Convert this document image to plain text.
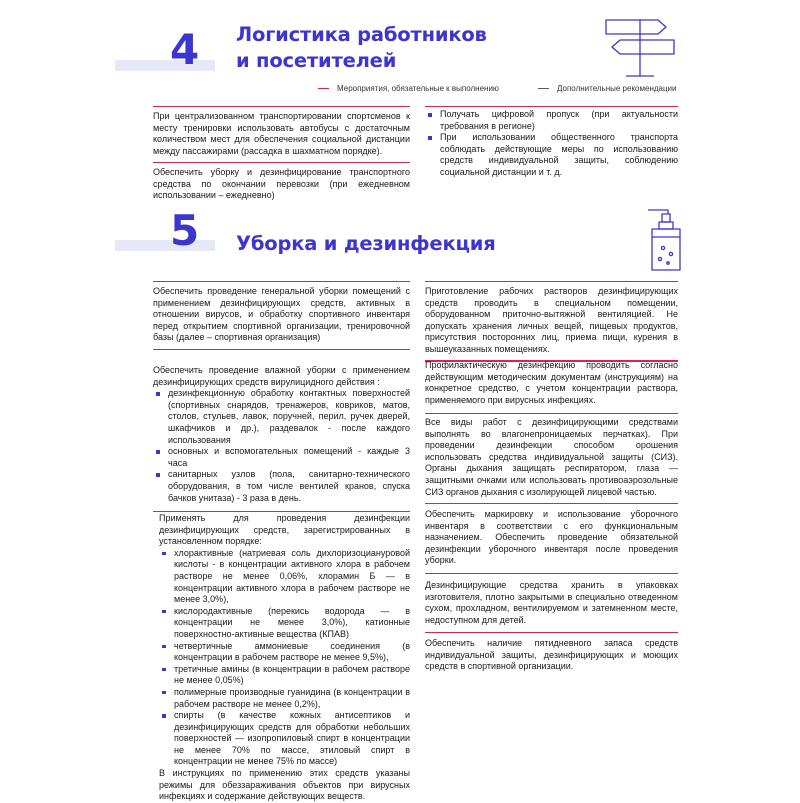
4 Логистика работников
и посетителей
Мероприятия, обязательные к выполнению	Дополнительные рекомендации

При централизованном транспортировании спортсменов к месту тренировки использовать автобусы с достаточным количеством мест для обеспечения социальной дистанции между пассажирами (рассадка в шахматном порядке).

Обеспечить уборку и дезинфицирование транспортного средства по окончании перевозки (при ежедневном использовании – ежедневно)

Получать цифровой пропуск (при актуальности требования в регионе)
При использовании общественного транспорта соблюдать действующие меры по использованию средств индивидуальной защиты, соблюдению социальной дистанции и т. д.
5 Уборка и дезинфекция

Обеспечить проведение генеральной уборки помещений с применением дезинфицирующих средств, активных в отношении вирусов, и обработку спортивного инвентаря перед открытием спортивной организации, тренировочной базы (далее – спортивная организация)

Обеспечить проведение влажной уборки с применением дезинфицирующих средств вирулицидного действия :

дезинфекционную обработку контактных поверхностей (спортивных снарядов, тренажеров, ковриков, матов, столов, стульев, лавок, поручней, перил, ручек дверей, шкафчиков и др.), раздевалок - после каждого использования
основных и вспомогательных помещений - каждые 3 часа
санитарных узлов (пола, санитарно-технического оборудования, в том числе вентилей кранов, спуска бачков унитаза) - 3 раза в день.

Применять для проведения дезинфекции дезинфицирующих средств, зарегистрированных в установленном порядке:

хлорактивные (натриевая соль дихлоризоциануровой кислоты - в концентрации активного хлора в рабочем растворе не менее 0,06%, хлорамин Б — в концентрации активного хлора в рабочем растворе не менее 3,0%),
кислородактивные (перекись водорода — в концентрации не менее 3,0%), катионные поверхностно-активные вещества (КПАВ)
четвертичные аммониевые соединения (в концентрации в рабочем растворе не менее 9,5%),
третичные амины (в концентрации в рабочем растворе не менее 0,05%)
полимерные производные гуанидина (в концентрации в рабочем растворе не менее 0,2%),
спирты (в качестве кожных антисептиков и дезинфицирующих средств для обработки небольших поверхностей — изопропиловый спирт в концентрации не менее 70% по массе, этиловый спирт в концентрации не менее 75% по массе)

В инструкциях по применению этих средств указаны режимы для обеззараживания объектов при вирусных инфекциях и содержание действующих веществ.

Приготовление рабочих растворов дезинфицирующих средств проводить в специальном помещении, оборудованном приточно-вытяжной вентиляцией. Не допускать хранения личных вещей, пищевых продуктов, присутствия посторонних лиц, приема пищи, курения в вышеуказанных помещениях.

Профилактическую дезинфекцию проводить согласно действующим методическим документам (инструкциям) на конкретное средство, с учетом концентрации раствора, применяемого при вирусных инфекциях.

Все виды работ с дезинфицирующими средствами выполнять во влагонепроницаемых перчатках). При проведении дезинфекции способом орошения использовать средства индивидуальной защиты (СИЗ). Органы дыхания защищать респиратором, глаза — защитными очками или использовать противоаэрозольные СИЗ органов дыхания с изолирующей лицевой частью.

Обеспечить маркировку и использование уборочного инвентаря в соответствии с его функциональным назначением. Обеспечить проведение обязательной дезинфекции уборочного инвентаря после проведения уборки.

Дезинфицирующие средства хранить в упаковках изготовителя, плотно закрытыми в специально отведенном сухом, прохладном, вентилируемом и затемненном месте, недоступном для детей.

Обеспечить наличие пятидневного запаса средств индивидуальной защиты, дезинфицирующих и моющих средств в спортивной организации.
